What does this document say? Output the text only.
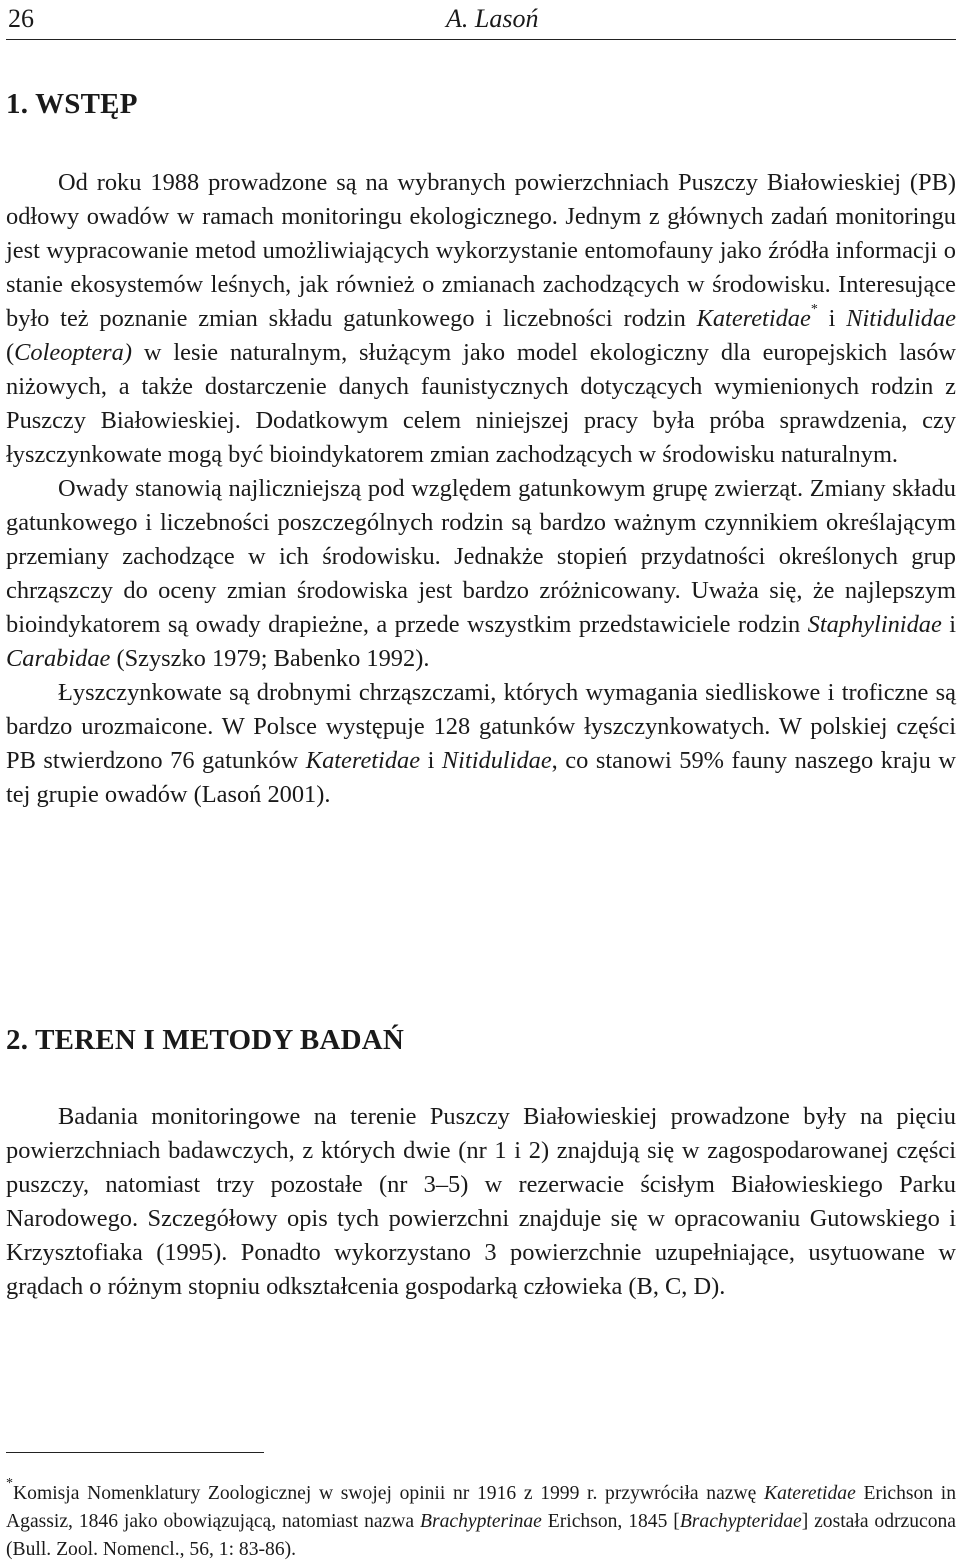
26	A. Lasoń
1. WSTĘP

Od roku 1988 prowadzone są na wybranych powierzchniach Puszczy Białowieskiej (PB) odłowy owadów w ramach monitoringu ekologicznego. Jednym z głównych zadań monitoringu jest wypracowanie metod umożliwiających wykorzystanie entomofauny jako źródła informacji o stanie ekosystemów leśnych, jak również o zmianach zachodzących w środowisku. Interesujące było też poznanie zmian składu gatunkowego i liczebności rodzin Kateretidae* i Nitidulidae (Coleoptera) w lesie naturalnym, służącym jako model ekologiczny dla europejskich lasów niżowych, a także dostarczenie danych faunistycznych dotyczących wymienionych rodzin z Puszczy Białowieskiej. Dodatkowym celem niniejszej pracy była próba sprawdzenia, czy łyszczynkowate mogą być bioindykatorem zmian zachodzących w środowisku naturalnym.

Owady stanowią najliczniejszą pod względem gatunkowym grupę zwierząt. Zmiany składu gatunkowego i liczebności poszczególnych rodzin są bardzo ważnym czynnikiem określającym przemiany zachodzące w ich środowisku. Jednakże stopień przydatności określonych grup chrząszczy do oceny zmian środowiska jest bardzo zróżnicowany. Uważa się, że najlepszym bioindykatorem są owady drapieżne, a przede wszystkim przedstawiciele rodzin Staphylinidae i Carabidae (Szyszko 1979; Babenko 1992).

Łyszczynkowate są drobnymi chrząszczami, których wymagania siedliskowe i troficzne są bardzo urozmaicone. W Polsce występuje 128 gatunków łyszczynkowatych. W polskiej części PB stwierdzono 76 gatunków Kateretidae i Nitidulidae, co stanowi 59% fauny naszego kraju w tej grupie owadów (Lasoń 2001).

2. TEREN I METODY BADAŃ

Badania monitoringowe na terenie Puszczy Białowieskiej prowadzone były na pięciu powierzchniach badawczych, z których dwie (nr 1 i 2) znajdują się w zagospodarowanej części puszczy, natomiast trzy pozostałe (nr 3–5) w rezerwacie ścisłym Białowieskiego Parku Narodowego. Szczegółowy opis tych powierzchni znajduje się w opracowaniu Gutowskiego i Krzysztofiaka (1995). Ponadto wykorzystano 3 powierzchnie uzupełniające, usytuowane w grądach o różnym stopniu odkształcenia gospodarką człowieka (B, C, D).

*Komisja Nomenklatury Zoologicznej w swojej opinii nr 1916 z 1999 r. przywróciła nazwę Kateretidae Erichson in Agassiz, 1846 jako obowiązującą, natomiast nazwa Brachypterinae Erichson, 1845 [Brachypteridae] została odrzucona (Bull. Zool. Nomencl., 56, 1: 83-86).
